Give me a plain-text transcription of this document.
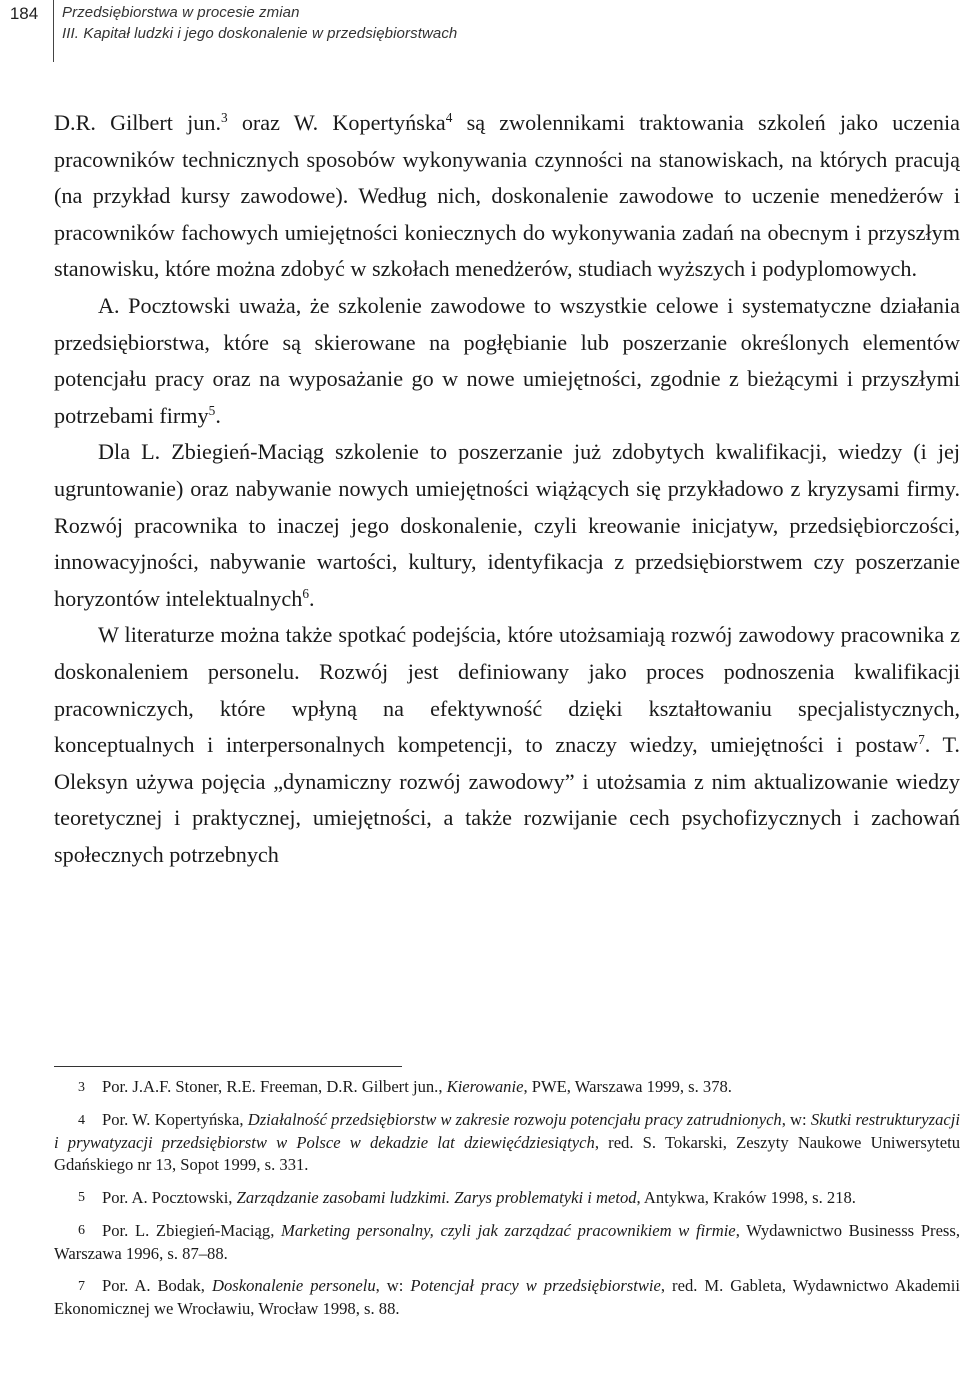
184	Przedsiębiorstwa w procesie zmian
III. Kapitał ludzki i jego doskonalenie w przedsiębiorstwach

D.R. Gilbert jun.$^3$ oraz W. Kopertyńska$^4$ są zwolennikami traktowania szkoleń jako uczenia pracowników technicznych sposobów wykonywania czynności na stanowiskach, na których pracują (na przykład kursy zawodowe). Według nich, doskonalenie zawodowe to uczenie menedżerów i pracowników fachowych umiejętności koniecznych do wykonywania zadań na obecnym i przyszłym stanowisku, które można zdobyć w szkołach menedżerów, studiach wyższych i podyplomowych.

A. Pocztowski uważa, że szkolenie zawodowe to wszystkie celowe i systematyczne działania przedsiębiorstwa, które są skierowane na pogłębianie lub poszerzanie określonych elementów potencjału pracy oraz na wyposażanie go w nowe umiejętności, zgodnie z bieżącymi i przyszłymi potrzebami firmy$^5$.

Dla L. Zbiegień-Maciąg szkolenie to poszerzanie już zdobytych kwalifikacji, wiedzy (i jej ugruntowanie) oraz nabywanie nowych umiejętności wiążących się przykładowo z kryzysami firmy. Rozwój pracownika to inaczej jego doskonalenie, czyli kreowanie inicjatyw, przedsiębiorczości, innowacyjności, nabywanie wartości, kultury, identyfikacja z przedsiębiorstwem czy poszerzanie horyzontów intelektualnych$^6$.

W literaturze można także spotkać podejścia, które utożsamiają rozwój zawodowy pracownika z doskonaleniem personelu. Rozwój jest definiowany jako proces podnoszenia kwalifikacji pracowniczych, które wpłyną na efektywność dzięki kształtowaniu specjalistycznych, konceptualnych i interpersonalnych kompetencji, to znaczy wiedzy, umiejętności i postaw$^7$. T. Oleksyn używa pojęcia „dynamiczny rozwój zawodowy” i utożsamia z nim aktualizowanie wiedzy teoretycznej i praktycznej, umiejętności, a także rozwijanie cech psychofizycznych i zachowań społecznych potrzebnych

3 Por. J.A.F. Stoner, R.E. Freeman, D.R. Gilbert jun., Kierowanie, PWE, Warszawa 1999, s. 378.

4 Por. W. Kopertyńska, Działalność przedsiębiorstw w zakresie rozwoju potencjału pracy zatrudnionych, w: Skutki restrukturyzacji i prywatyzacji przedsiębiorstw w Polsce w dekadzie lat dziewięćdziesiątych, red. S. Tokarski, Zeszyty Naukowe Uniwersytetu Gdańskiego nr 13, Sopot 1999, s. 331.

5 Por. A. Pocztowski, Zarządzanie zasobami ludzkimi. Zarys problematyki i metod, Antykwa, Kraków 1998, s. 218.

6 Por. L. Zbiegień-Maciąg, Marketing personalny, czyli jak zarządzać pracownikiem w firmie, Wydawnictwo Businesss Press, Warszawa 1996, s. 87–88.

7 Por. A. Bodak, Doskonalenie personelu, w: Potencjał pracy w przedsiębiorstwie, red. M. Gableta, Wydawnictwo Akademii Ekonomicznej we Wrocławiu, Wrocław 1998, s. 88.
